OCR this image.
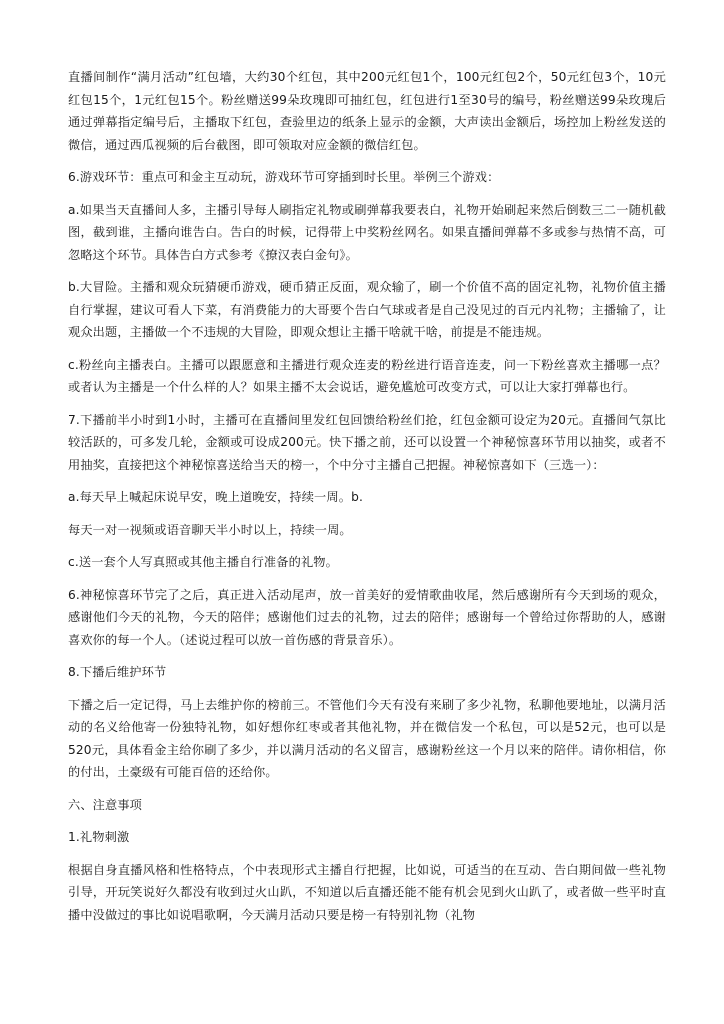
直播间制作“满月活动”红包墙，大约30个红包，其中200元红包1个，100元红包2个，50元红包3个，10元红包15个，1元红包15个。粉丝赠送99朵玫瑰即可抽红包，红包进行1至30号的编号，粉丝赠送99朵玫瑰后通过弹幕指定编号后，主播取下红包，查验里边的纸条上显示的金额，大声读出金额后，场控加上粉丝发送的微信，通过西瓜视频的后台截图，即可领取对应金额的微信红包。

6.游戏环节：重点可和金主互动玩，游戏环节可穿插到时长里。举例三个游戏：

a.如果当天直播间人多，主播引导每人刷指定礼物或刷弹幕我要表白，礼物开始刷起来然后倒数三二一随机截图，截到谁，主播向谁告白。告白的时候，记得带上中奖粉丝网名。如果直播间弹幕不多或参与热情不高，可忽略这个环节。具体告白方式参考《撩汉表白金句》。

b.大冒险。主播和观众玩猜硬币游戏，硬币猜正反面，观众输了，刷一个价值不高的固定礼物，礼物价值主播自行掌握，建议可看人下菜，有消费能力的大哥要个告白气球或者是自己没见过的百元内礼物；主播输了，让观众出题，主播做一个不违规的大冒险，即观众想让主播干啥就干啥，前提是不能违规。

c.粉丝向主播表白。主播可以跟愿意和主播进行观众连麦的粉丝进行语音连麦，问一下粉丝喜欢主播哪一点？或者认为主播是一个什么样的人？如果主播不太会说话，避免尴尬可改变方式，可以让大家打弹幕也行。

7.下播前半小时到1小时，主播可在直播间里发红包回馈给粉丝们抢，红包金额可设定为20元。直播间气氛比较活跃的，可多发几轮，金额或可设成200元。快下播之前，还可以设置一个神秘惊喜环节用以抽奖，或者不用抽奖，直接把这个神秘惊喜送给当天的榜一，个中分寸主播自己把握。神秘惊喜如下（三选一）：

a.每天早上喊起床说早安，晚上道晚安，持续一周。b.

每天一对一视频或语音聊天半小时以上，持续一周。

c.送一套个人写真照或其他主播自行准备的礼物。

6.神秘惊喜环节完了之后，真正进入活动尾声，放一首美好的爱情歌曲收尾，然后感谢所有今天到场的观众，感谢他们今天的礼物，今天的陪伴；感谢他们过去的礼物，过去的陪伴；感谢每一个曾给过你帮助的人，感谢喜欢你的每一个人。（述说过程可以放一首伤感的背景音乐）。

8.下播后维护环节

下播之后一定记得，马上去维护你的榜前三。不管他们今天有没有来刷了多少礼物，私聊他要地址，以满月活动的名义给他寄一份独特礼物，如好想你红枣或者其他礼物，并在微信发一个私包，可以是52元，也可以是520元，具体看金主给你刷了多少，并以满月活动的名义留言，感谢粉丝这一个月以来的陪伴。请你相信，你的付出，土豪级有可能百倍的还给你。

六、注意事项

1.礼物刺激

根据自身直播风格和性格特点，个中表现形式主播自行把握，比如说，可适当的在互动、告白期间做一些礼物引导，开玩笑说好久都没有收到过火山趴，不知道以后直播还能不能有机会见到火山趴了，或者做一些平时直播中没做过的事比如说唱歌啊，今天满月活动只要是榜一有特别礼物（礼物
